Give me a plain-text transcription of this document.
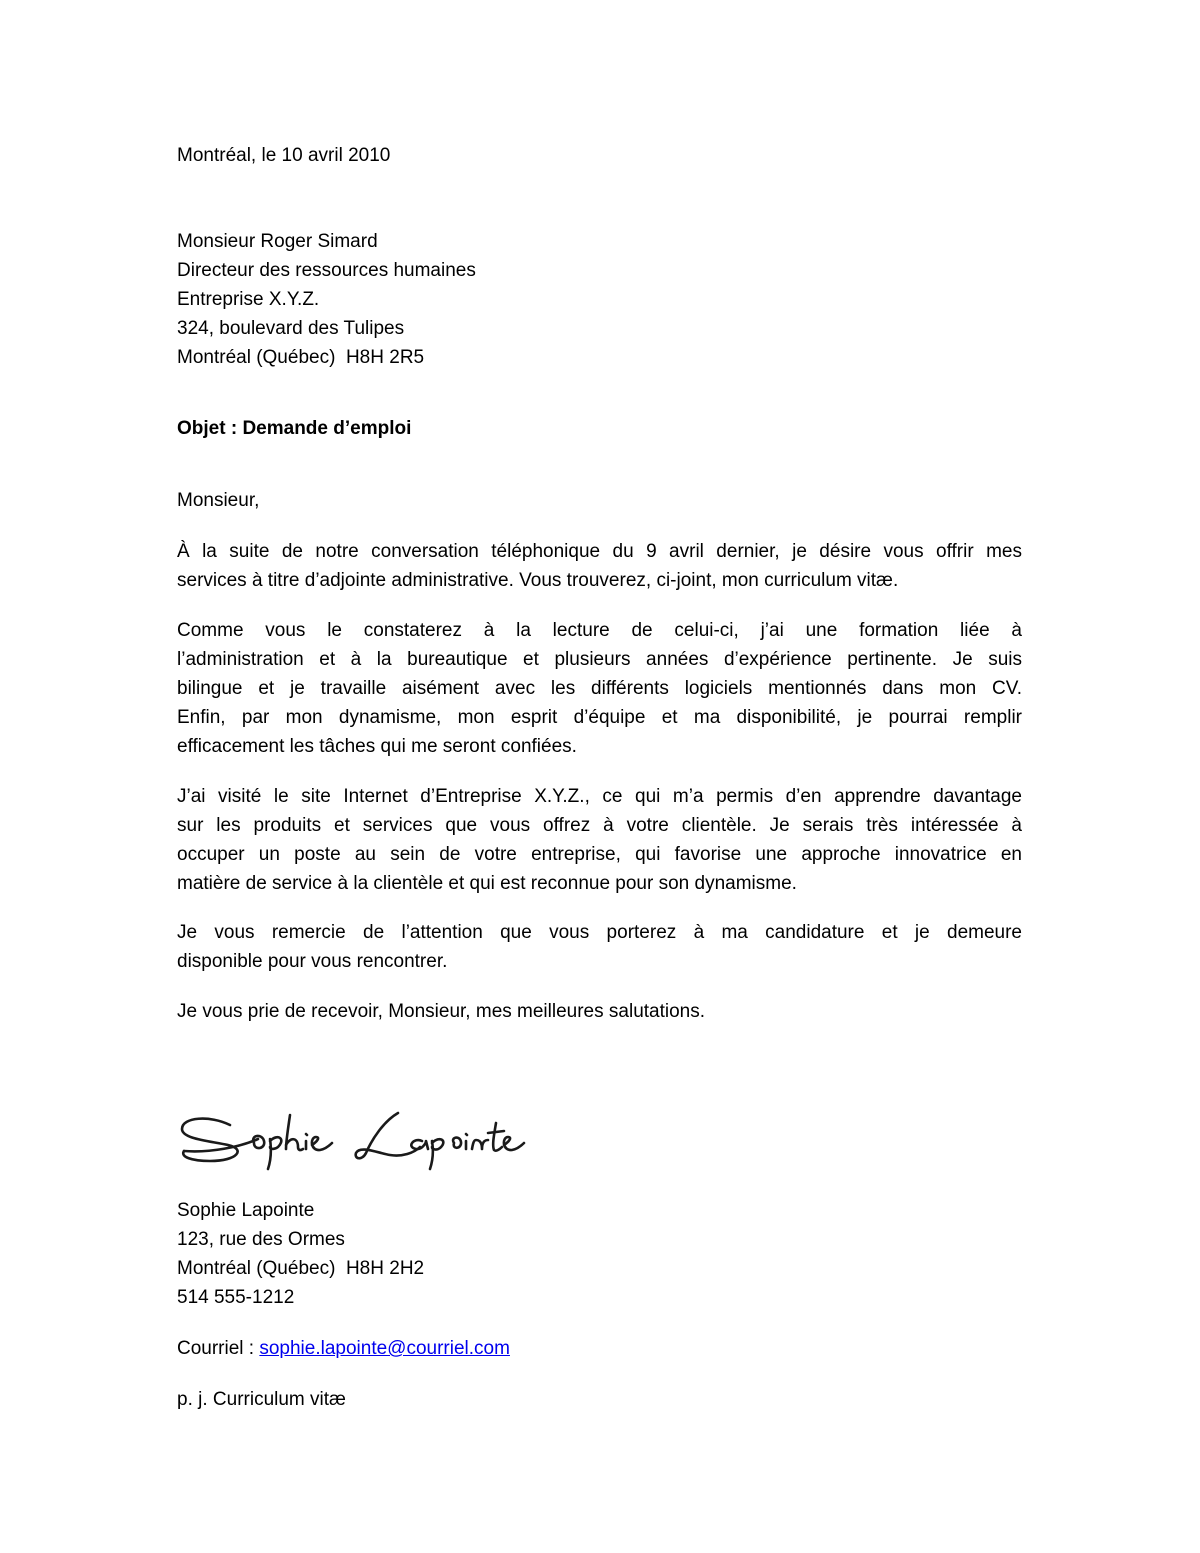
Montréal, le 10 avril 2010
Monsieur Roger Simard
Directeur des ressources humaines
Entreprise X.Y.Z.
324, boulevard des Tulipes
Montréal (Québec)  H8H 2R5
Objet : Demande d’emploi
Monsieur,
À la suite de notre conversation téléphonique du 9 avril dernier, je désire vous offrir mes
services à titre d’adjointe administrative. Vous trouverez, ci-joint, mon curriculum vitæ.
Comme vous le constaterez à la lecture de celui-ci, j’ai une formation liée à
l’administration et à la bureautique et plusieurs années d’expérience pertinente. Je suis
bilingue et je travaille aisément avec les différents logiciels mentionnés dans mon CV.
Enfin, par mon dynamisme, mon esprit d’équipe et ma disponibilité, je pourrai remplir
efficacement les tâches qui me seront confiées.
J’ai visité le site Internet d’Entreprise X.Y.Z., ce qui m’a permis d’en apprendre davantage
sur les produits et services que vous offrez à votre clientèle. Je serais très intéressée à
occuper un poste au sein de votre entreprise, qui favorise une approche innovatrice en
matière de service à la clientèle et qui est reconnue pour son dynamisme.
Je vous remercie de l’attention que vous porterez à ma candidature et je demeure
disponible pour vous rencontrer.
Je vous prie de recevoir, Monsieur, mes meilleures salutations.
Sophie Lapointe
123, rue des Ormes
Montréal (Québec)  H8H 2H2
514 555-1212
Courriel : sophie.lapointe@courriel.com
p. j. Curriculum vitæ
